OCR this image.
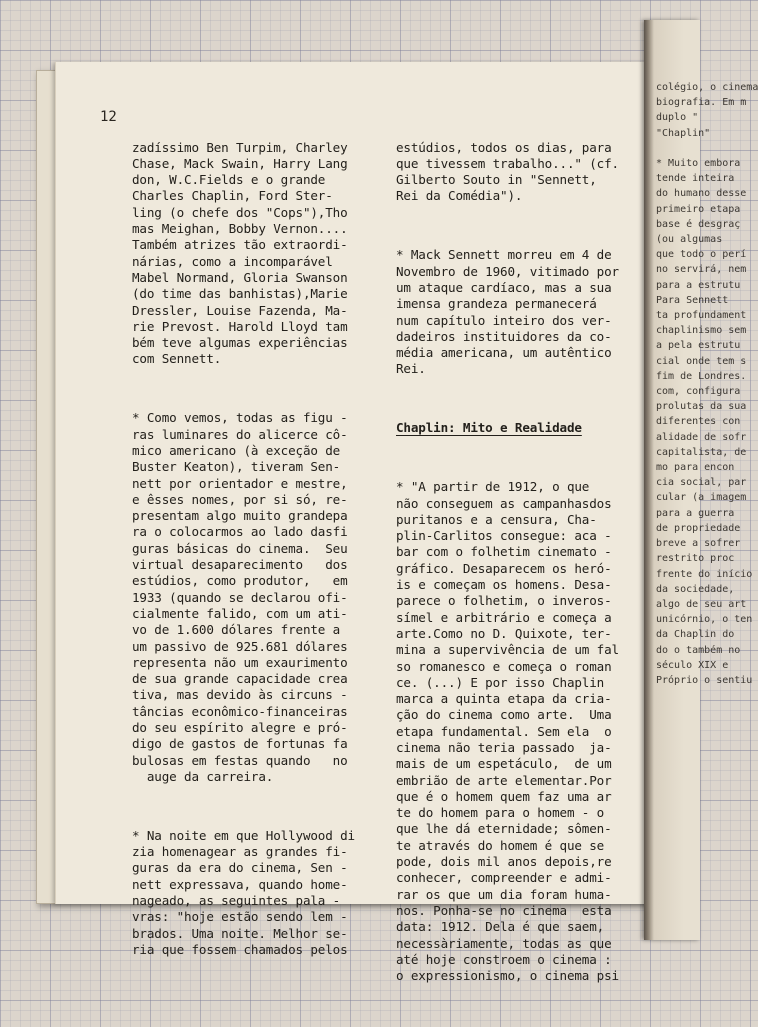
12

zadíssimo Ben Turpim, Charley
Chase, Mack Swain, Harry Lang
don, W.C.Fields e o grande
Charles Chaplin, Ford Ster-
ling (o chefe dos "Cops"),Tho
mas Meighan, Bobby Vernon....
Também atrizes tão extraordi-
nárias, como a incomparável
Mabel Normand, Gloria Swanson
(do time das banhistas),Marie
Dressler, Louise Fazenda, Ma-
rie Prevost. Harold Lloyd tam
bém teve algumas experiências
com Sennett.

* Como vemos, todas as figu -
ras luminares do alicerce cô-
mico americano (à exceção de
Buster Keaton), tiveram Sen-
nett por orientador e mestre,
e êsses nomes, por si só, re-
presentam algo muito grandepa
ra o colocarmos ao lado dasfi
guras básicas do cinema.  Seu
virtual desaparecimento   dos
estúdios, como produtor,   em
1933 (quando se declarou ofi-
cialmente falido, com um ati-
vo de 1.600 dólares frente a
um passivo de 925.681 dólares
representa não um exaurimento
de sua grande capacidade crea
tiva, mas devido às circuns -
tâncias econômico-financeiras
do seu espírito alegre e pró-
digo de gastos de fortunas fa
bulosas em festas quando   no
auge da carreira.

* Na noite em que Hollywood di
zia homenagear as grandes fi-
guras da era do cinema, Sen -
nett expressava, quando home-
nageado, as seguintes pala -
vras: "hoje estão sendo lem -
brados. Uma noite. Melhor se-
ria que fossem chamados pelos

estúdios, todos os dias, para
que tivessem trabalho..." (cf.
Gilberto Souto in "Sennett,
Rei da Comédia").

* Mack Sennett morreu em 4 de
Novembro de 1960, vitimado por
um ataque cardíaco, mas a sua
imensa grandeza permanecerá
num capítulo inteiro dos ver-
dadeiros instituidores da co-
média americana, um autêntico
Rei.

Chaplin: Mito e Realidade

* "A partir de 1912, o que
não conseguem as campanhasdos
puritanos e a censura, Cha-
plin-Carlitos consegue: aca -
bar com o folhetim cinemato -
gráfico. Desaparecem os heró-
is e começam os homens. Desa-
parece o folhetim, o inveros-
símel e arbitrário e começa a
arte.Como no D. Quixote, ter-
mina a supervivência de um fal
so romanesco e começa o roman
ce. (...) E por isso Chaplin
marca a quinta etapa da cria-
ção do cinema como arte.  Uma
etapa fundamental. Sem ela  o
cinema não teria passado  ja-
mais de um espetáculo,  de um
embrião de arte elementar.Por
que é o homem quem faz uma ar
te do homem para o homem - o
que lhe dá eternidade; sômen-
te através do homem é que se
pode, dois mil anos depois,re
conhecer, compreender e admi-
rar os que um dia foram huma-
nos. Ponha-se no cinema  esta
data: 1912. Dela é que saem,
necessàriamente, todas as que
até hoje constroem o cinema :
o expressionismo, o cinema psi

colégio, o cinema
biografia. Em m
duplo "
"Chaplin"

* Muito embora
tende inteira
do humano desse
primeiro etapa
base é desgraç
(ou algumas
que todo o perí
no servirá, nem
para a estrutu
Para Sennett
ta profundament
chaplinismo sem
a pela estrutu
cial onde tem s
fim de Londres.
com, configura
prolutas da sua
diferentes con
alidade de sofr
capitalista, de
mo para encon
cia social, par
cular (a imagem
para a guerra
de propriedade
breve a sofrer
restrito proc
frente do início
da sociedade,
algo de seu art
unicórnio, o ten
da Chaplin do
do o também no
século XIX e
Próprio o sentiu
